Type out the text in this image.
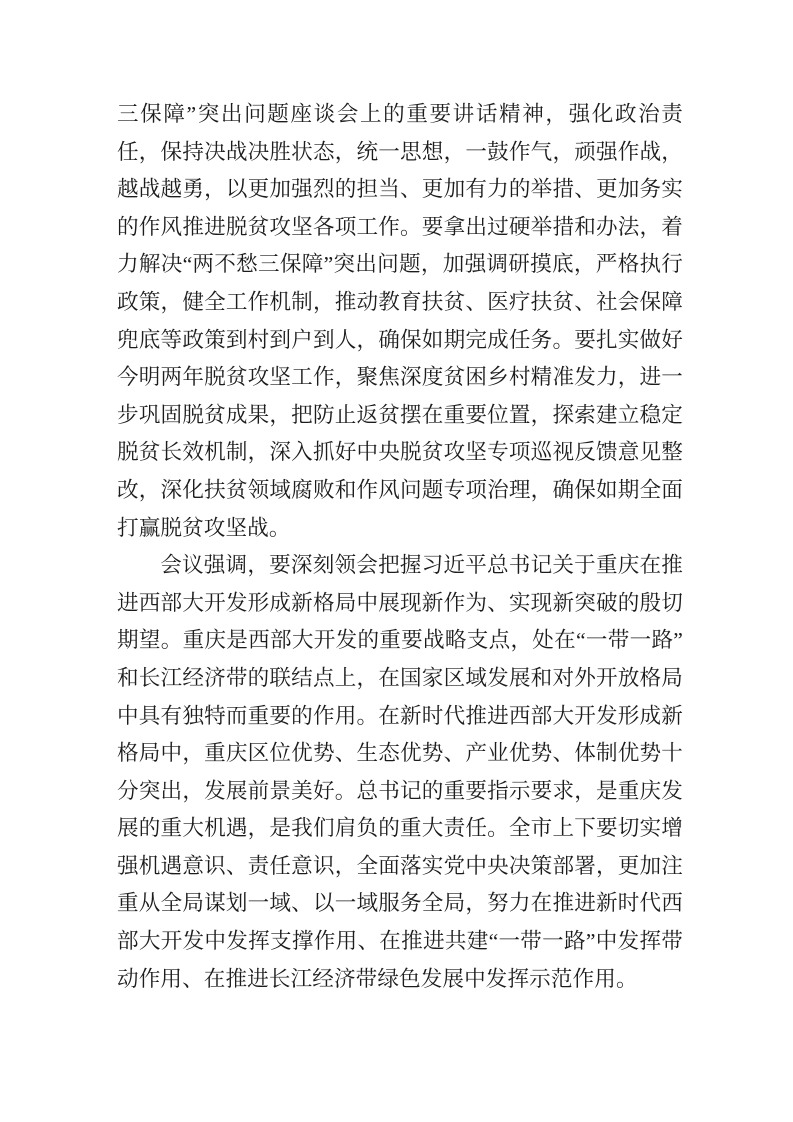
三保障”突出问题座谈会上的重要讲话精神，强化政治责任，保持决战决胜状态，统一思想，一鼓作气，顽强作战，越战越勇，以更加强烈的担当、更加有力的举措、更加务实的作风推进脱贫攻坚各项工作。要拿出过硬举措和办法，着力解决“两不愁三保障”突出问题，加强调研摸底，严格执行政策，健全工作机制，推动教育扶贫、医疗扶贫、社会保障兜底等政策到村到户到人，确保如期完成任务。要扎实做好今明两年脱贫攻坚工作，聚焦深度贫困乡村精准发力，进一步巩固脱贫成果，把防止返贫摆在重要位置，探索建立稳定脱贫长效机制，深入抓好中央脱贫攻坚专项巡视反馈意见整改，深化扶贫领域腐败和作风问题专项治理，确保如期全面打赢脱贫攻坚战。

会议强调，要深刻领会把握习近平总书记关于重庆在推进西部大开发形成新格局中展现新作为、实现新突破的殷切期望。重庆是西部大开发的重要战略支点，处在“一带一路”和长江经济带的联结点上，在国家区域发展和对外开放格局中具有独特而重要的作用。在新时代推进西部大开发形成新格局中，重庆区位优势、生态优势、产业优势、体制优势十分突出，发展前景美好。总书记的重要指示要求，是重庆发展的重大机遇，是我们肩负的重大责任。全市上下要切实增强机遇意识、责任意识，全面落实党中央决策部署，更加注重从全局谋划一域、以一域服务全局，努力在推进新时代西部大开发中发挥支撑作用、在推进共建“一带一路”中发挥带动作用、在推进长江经济带绿色发展中发挥示范作用。
